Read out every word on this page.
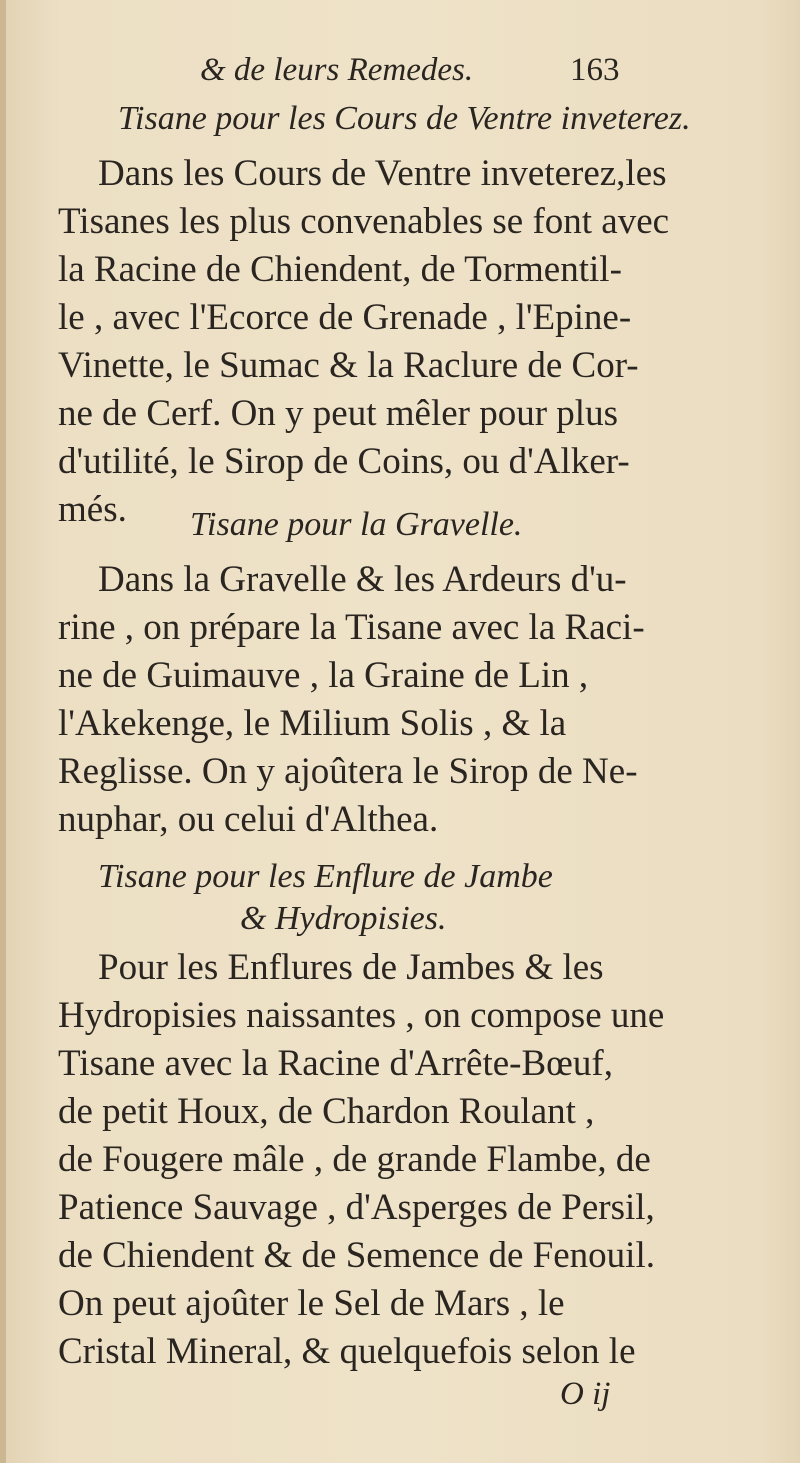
& de leurs Remedes.	163
Tisane pour les Cours de Ventre inveterez.
Dans les Cours de Ventre inveterez,les
Tisanes les plus convenables se font avec
la Racine de Chiendent, de Tormentil-
le , avec l'Ecorce de Grenade , l'Epine-
Vinette, le Sumac & la Raclure de Cor-
ne de Cerf. On y peut mêler pour plus
d'utilité, le Sirop de Coins, ou d'Alker-
més. Tisane pour la Gravelle.
Dans la Gravelle & les Ardeurs d'u-
rine , on prépare la Tisane avec la Raci-
ne de Guimauve , la Graine de Lin ,
l'Akekenge, le Milium Solis , & la
Reglisse. On y ajoûtera le Sirop de Ne-
nuphar, ou celui d'Althea.
Tisane pour les Enflure de Jambe
& Hydropisies.
Pour les Enflures de Jambes & les
Hydropisies naissantes , on compose une
Tisane avec la Racine d'Arrête-Bœuf,
de petit Houx, de Chardon Roulant ,
de Fougere mâle , de grande Flambe, de
Patience Sauvage , d'Asperges de Persil,
de Chiendent & de Semence de Fenouil.
On peut ajoûter le Sel de Mars , le
Cristal Mineral, & quelquefois selon le
O ij
